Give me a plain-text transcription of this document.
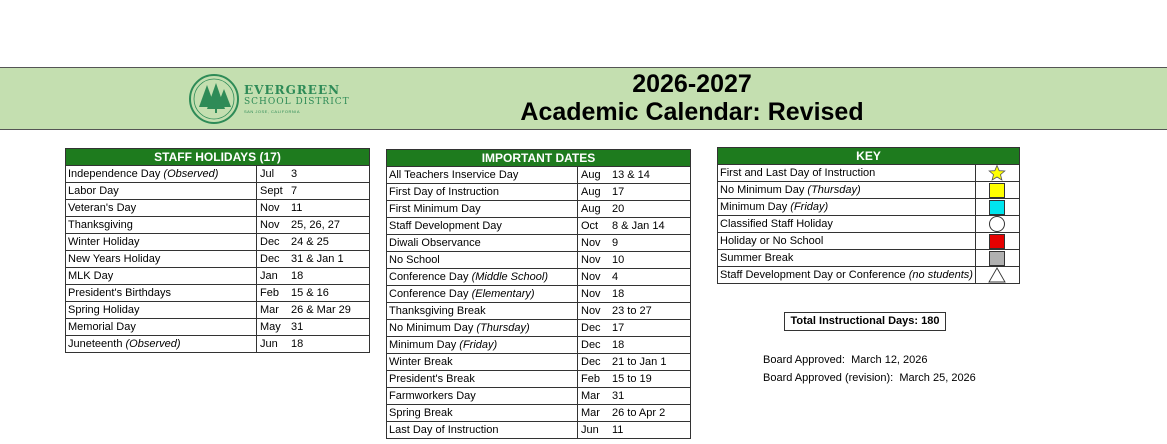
EVERGREEN
SCHOOL DISTRICT
SAN JOSE, CALIFORNIA
2026-2027
Academic Calendar: Revised
STAFF HOLIDAYS (17)	
Independence Day (Observed)	Jul 3
Labor Day	Sept 7
Veteran's Day	Nov 11
Thanksgiving	Nov 25, 26, 27
Winter Holiday	Dec 24 & 25
New Years Holiday	Dec 31 & Jan 1
MLK Day	Jan 18
President's Birthdays	Feb 15 & 16
Spring Holiday	Mar 26 & Mar 29
Memorial Day	May 31
Juneteenth (Observed)	Jun 18
IMPORTANT DATES	
All Teachers Inservice Day	Aug 13 & 14
First Day of Instruction	Aug 17
First Minimum Day	Aug 20
Staff Development Day	Oct 8 & Jan 14
Diwali Observance	Nov 9
No School	Nov 10
Conference Day (Middle School)	Nov 4
Conference Day (Elementary)	Nov 18
Thanksgiving Break	Nov 23 to 27
No Minimum Day (Thursday)	Dec 17
Minimum Day (Friday)	Dec 18
Winter Break	Dec 21 to Jan 1
President's Break	Feb 15 to 19
Farmworkers Day	Mar 31
Spring Break	Mar 26 to Apr 2
Last Day of Instruction	Jun 11
KEY	
First and Last Day of Instruction	
No Minimum Day (Thursday)	
Minimum Day (Friday)	
Classified Staff Holiday	
Holiday or No School	
Summer Break	
Staff Development Day or Conference (no students)	
Total Instructional Days: 180
Board Approved: March 12, 2026
Board Approved (revision): March 25, 2026
